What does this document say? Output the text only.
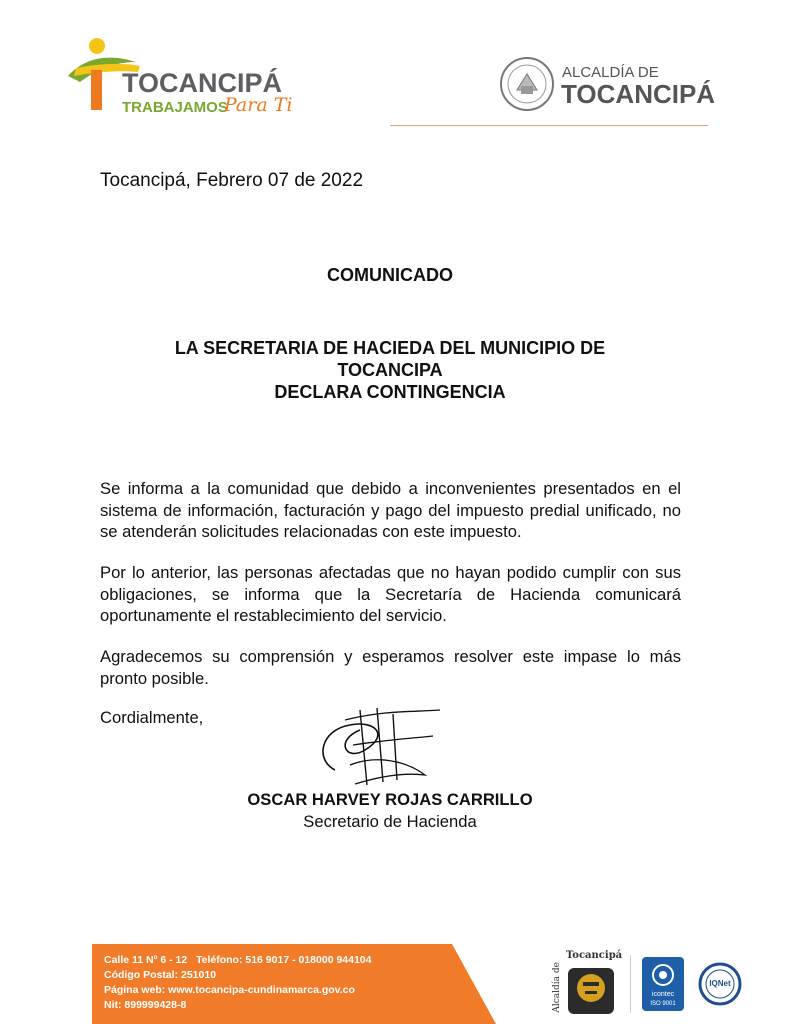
TOCANCIPÁ
TRABAJAMOS
Para Ti
ALCALDÍA DE
TOCANCIPÁ
Tocancipá, Febrero 07 de 2022
COMUNICADO
LA SECRETARIA DE HACIEDA DEL MUNICIPIO DE
TOCANCIPA
DECLARA CONTINGENCIA
Se informa a la comunidad que debido a inconvenientes presentados en el sistema de información, facturación y pago del impuesto predial unificado, no se atenderán solicitudes relacionadas con este impuesto.
Por lo anterior, las personas afectadas que no hayan podido cumplir con sus obligaciones, se informa que la Secretaría de Hacienda comunicará oportunamente el restablecimiento del servicio.
Agradecemos su comprensión y esperamos resolver este impase lo más pronto posible.
Cordialmente,
OSCAR HARVEY ROJAS CARRILLO
Secretario de Hacienda
Calle 11 Nº 6 - 12 Teléfono: 516 9017 - 018000 944104
Código Postal: 251010
Página web: www.tocancipa-cundinamarca.gov.co
Nit: 899999428-8
Tocancipá
Alcaldía de	icontec
ISO 9001
IQNet
